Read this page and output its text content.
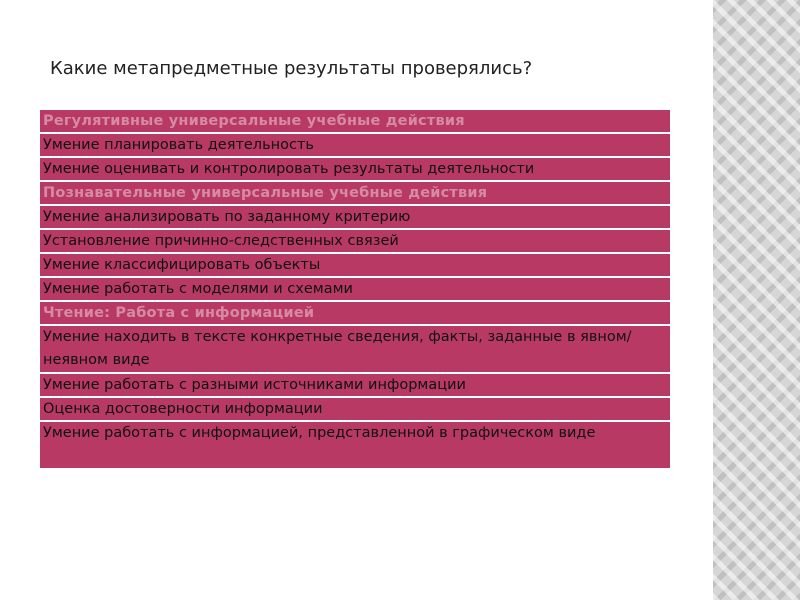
Какие метапредметные результаты проверялись?
Регулятивные универсальные учебные действия
Умение планировать деятельность
Умение оценивать и контролировать результаты деятельности
Познавательные универсальные учебные действия
Умение анализировать по заданному критерию
Установление причинно-следственных связей
Умение классифицировать объекты
Умение работать с моделями и схемами
Чтение: Работа с информацией
Умение находить в тексте конкретные сведения, факты, заданные в явном/неявном виде
Умение работать с разными источниками информации
Оценка достоверности информации
Умение работать с информацией, представленной в графическом виде
